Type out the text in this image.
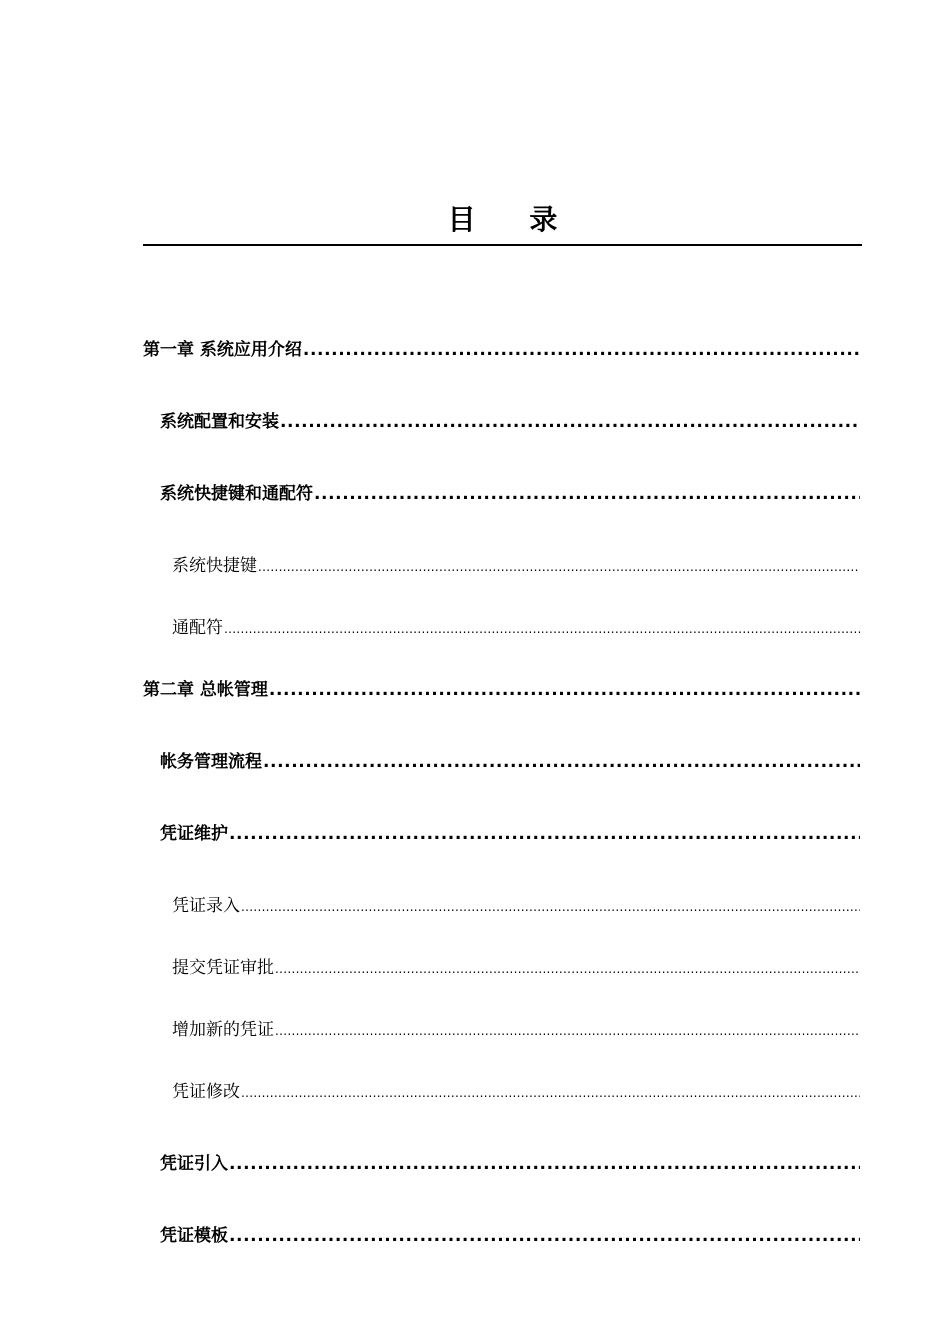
目 录
第一章 系统应用介绍
.....
系统配置和安装
.....
系统快捷键和通配符
.....
系统快捷键
.....
通配符
.....
第二章 总帐管理
.....
帐务管理流程
.....
凭证维护
.....
凭证录入
.....
提交凭证审批
.....
增加新的凭证
.....
凭证修改
.....
凭证引入
.....
凭证模板
.....
